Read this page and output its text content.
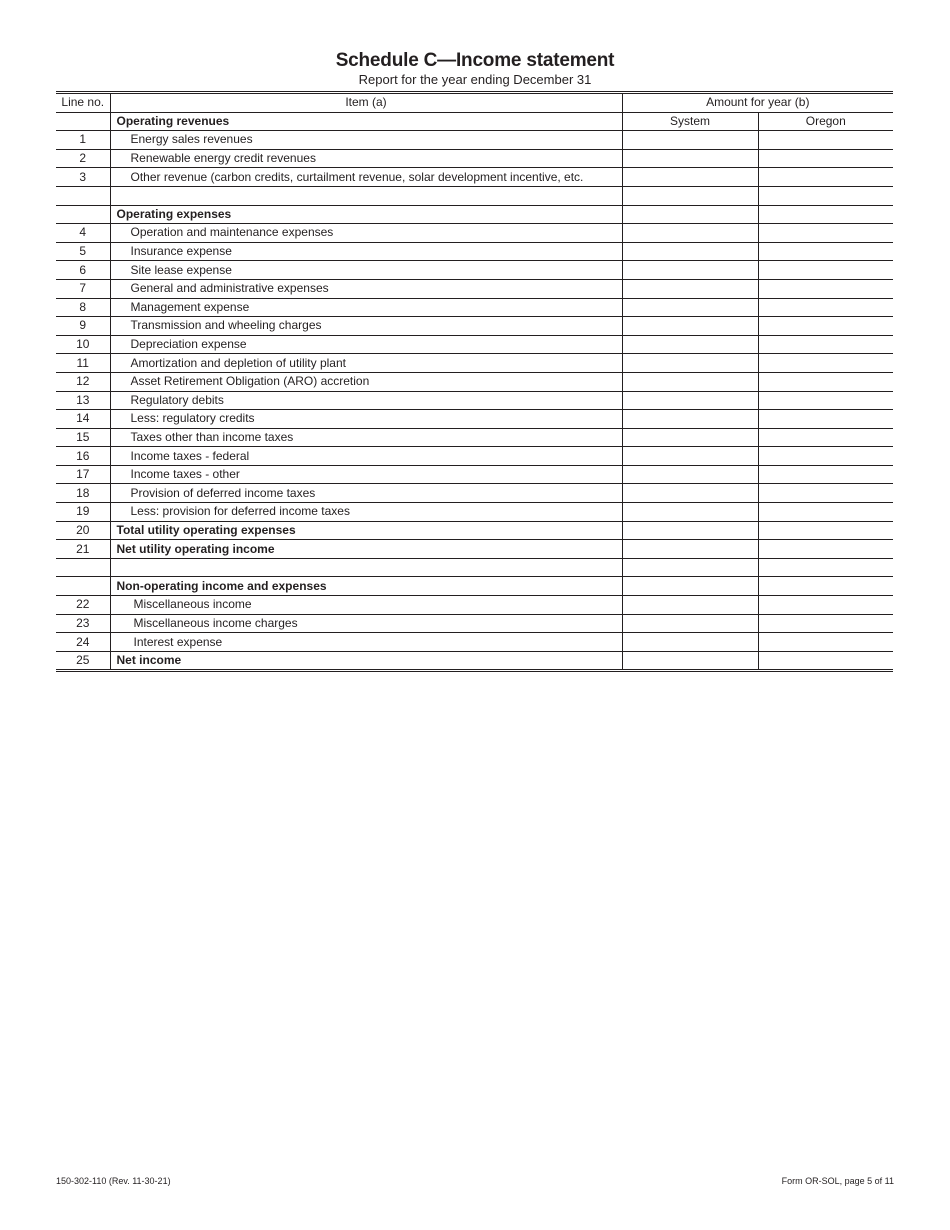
Schedule C—Income statement
Report for the year ending December 31
Line no.	Item (a)	Amount for year (b)	
	Operating revenues	System	Oregon
1	Energy sales revenues		
2	Renewable energy credit revenues		
3	Other revenue (carbon credits, curtailment revenue, solar development incentive, etc.		

	Operating expenses		
4	Operation and maintenance expenses		
5	Insurance expense		
6	Site lease expense		
7	General and administrative expenses		
8	Management expense		
9	Transmission and wheeling charges		
10	Depreciation expense		
11	Amortization and depletion of utility plant		
12	Asset Retirement Obligation (ARO) accretion		
13	Regulatory debits		
14	Less: regulatory credits		
15	Taxes other than income taxes		
16	Income taxes - federal		
17	Income taxes - other		
18	Provision of deferred income taxes		
19	Less: provision for deferred income taxes		
20	Total utility operating expenses		
21	Net utility operating income		

	Non-operating income and expenses		
22	Miscellaneous income		
23	Miscellaneous income charges		
24	Interest expense		
25	Net income		
150-302-110 (Rev. 11-30-21)	Form OR-SOL, page 5 of 11
